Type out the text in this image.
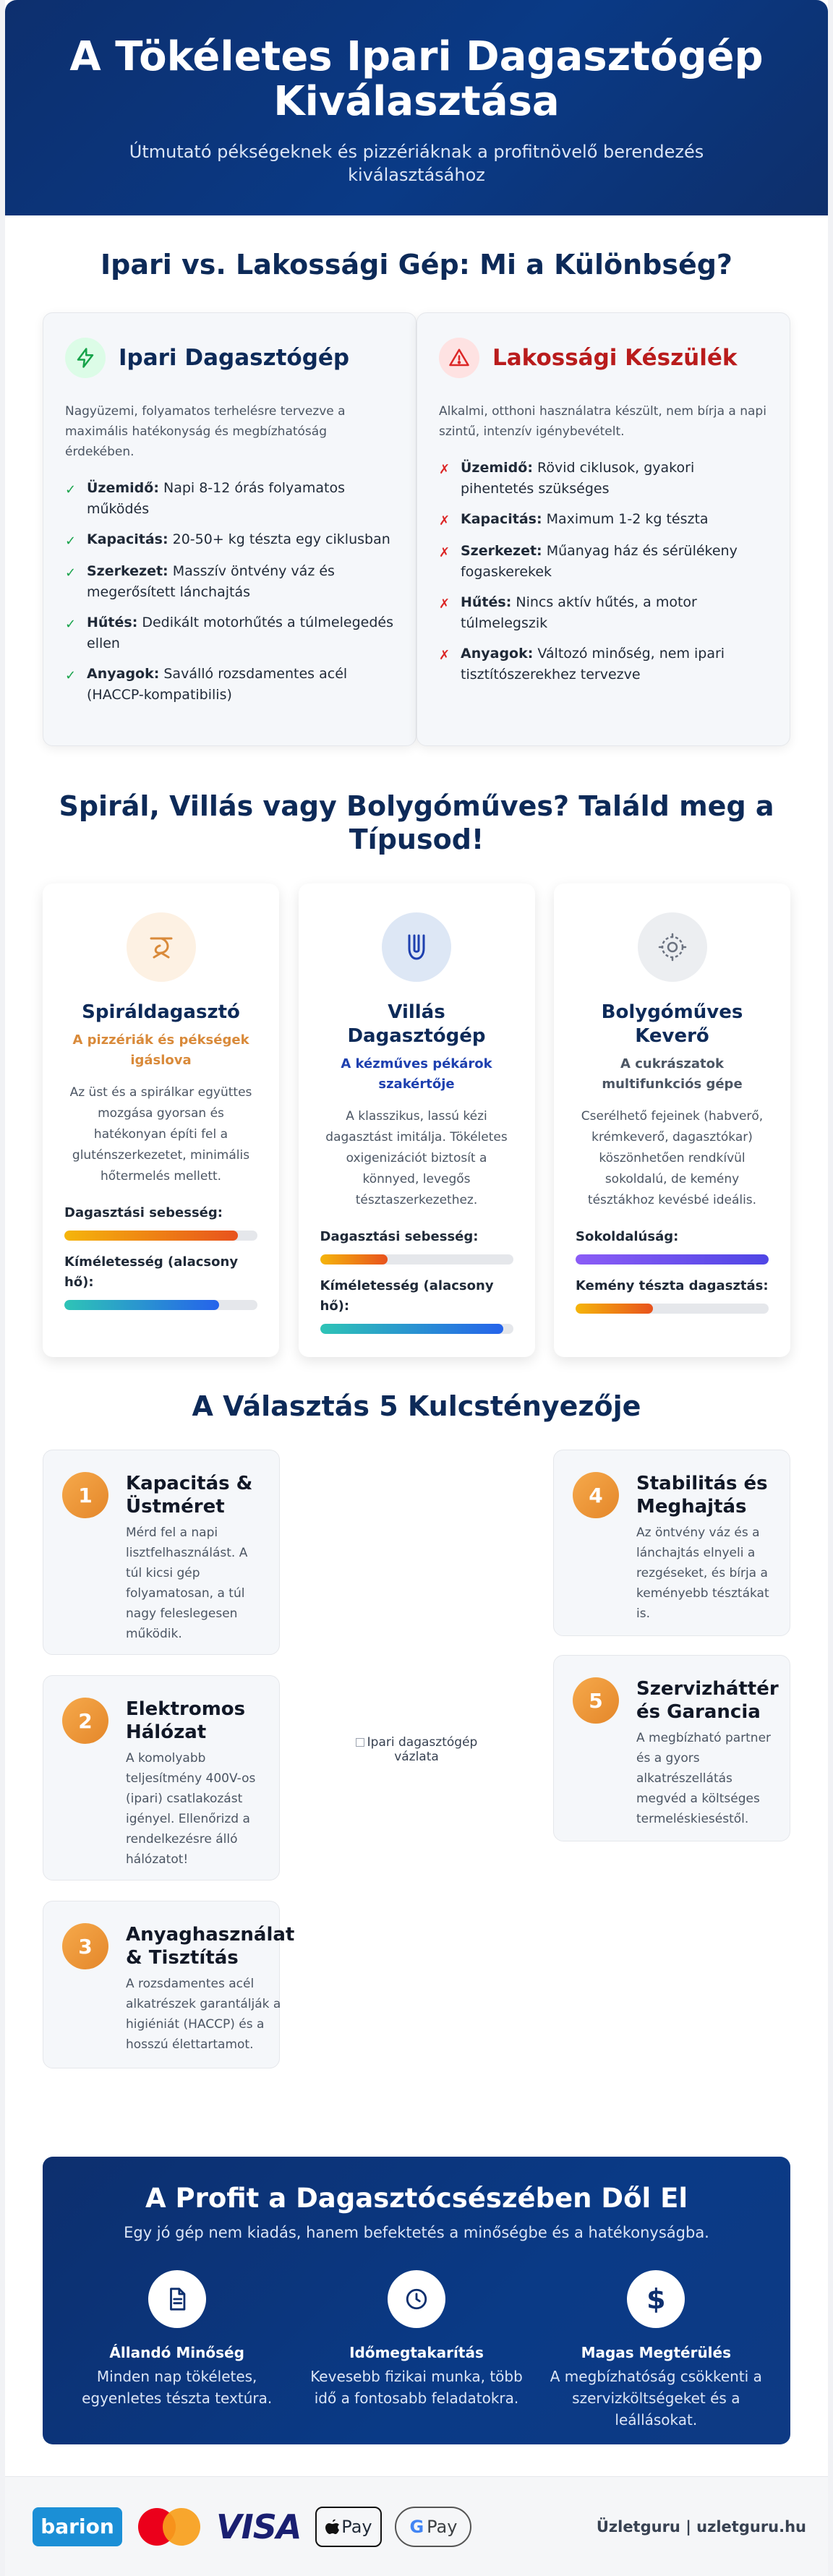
A Tökéletes Ipari Dagasztógép Kiválasztása

Útmutató pékségeknek és pizzériáknak a profitnövelő berendezés kiválasztásához

Ipari vs. Lakossági Gép: Mi a Különbség?
Ipari Dagasztógép
Nagyüzemi, folyamatos terhelésre tervezve a maximális hatékonyság és megbízhatóság érdekében.
✓ Üzemidő: Napi 8-12 órás folyamatos működés
✓ Kapacitás: 20-50+ kg tészta egy ciklusban
✓ Szerkezet: Masszív öntvény váz és megerősített lánchajtás
✓ Hűtés: Dedikált motorhűtés a túlmelegedés ellen
✓ Anyagok: Saválló rozsdamentes acél (HACCP-kompatibilis)
Lakossági Készülék
Alkalmi, otthoni használatra készült, nem bírja a napi szintű, intenzív igénybevételt.
✗ Üzemidő: Rövid ciklusok, gyakori pihentetés szükséges
✗ Kapacitás: Maximum 1-2 kg tészta
✗ Szerkezet: Műanyag ház és sérülékeny fogaskerekek
✗ Hűtés: Nincs aktív hűtés, a motor túlmelegszik
✗ Anyagok: Változó minőség, nem ipari tisztítószerekhez tervezve
Spirál, Villás vagy Bolygóműves? Találd meg a Típusod!
Spiráldagasztó
A pizzériák és pékségek igáslova
Az üst és a spirálkar együttes mozgása gyorsan és hatékonyan építi fel a gluténszerkezetet, minimális hőtermelés mellett.
Dagasztási sebesség:
Kíméletesség (alacsony hő):
Villás Dagasztógép
A kézműves pékárok szakértője
A klasszikus, lassú kézi dagasztást imitálja. Tökéletes oxigenizációt biztosít a könnyed, levegős tésztaszerkezethez.
Dagasztási sebesség:
Kíméletesség (alacsony hő):
Bolygóműves Keverő
A cukrászatok multifunkciós gépe
Cserélhető fejeinek (habverő, krémkeverő, dagasztókar) köszönhetően rendkívül sokoldalú, de kemény tésztákhoz kevésbé ideális.
Sokoldalúság:
Kemény tészta dagasztás:
A Választás 5 Kulcstényezője
1	Kapacitás & Üstméret
Mérd fel a napi lisztfelhasználást. A túl kicsi gép folyamatosan, a túl nagy feleslegesen működik.
2	Elektromos Hálózat
A komolyabb teljesítmény 400V-os (ipari) csatlakozást igényel. Ellenőrizd a rendelkezésre álló hálózatot!
3	Anyaghasználat & Tisztítás
A rozsdamentes acél alkatrészek garantálják a higiéniát (HACCP) és a hosszú élettartamot.
4	Stabilitás és Meghajtás
Az öntvény váz és a lánchajtás elnyeli a rezgéseket, és bírja a keményebb tésztákat is.
5	Szervizháttér és Garancia
A megbízható partner és a gyors alkatrészellátás megvéd a költséges termeléskieséstől.
Ipari dagasztógép vázlata
A Profit a Dagasztócsészében Dől El

Egy jó gép nem kiadás, hanem befektetés a minőségbe és a hatékonyságba.

Állandó Minőség
Minden nap tökéletes, egyenletes tészta textúra.
Időmegtakarítás
Kevesebb fizikai munka, több idő a fontosabb feladatokra.
$
Magas Megtérülés
A megbízhatóság csökkenti a szervizköltségeket és a leállásokat.
barion	VISA Pay G Pay	Üzletguru | uzletguru.hu
